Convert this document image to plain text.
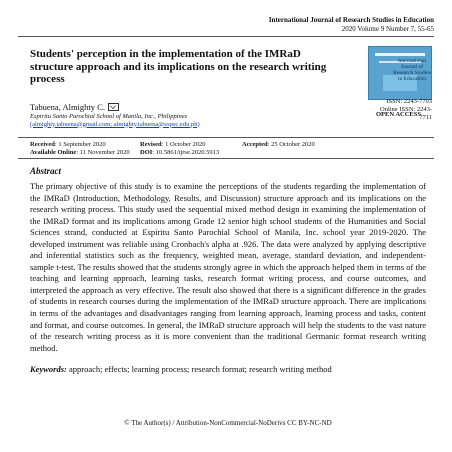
International Journal of Research Studies in Education
2020 Volume 9 Number 7, 55-65
Students' perception in the implementation of the IMRaD structure approach and its implications on the research writing process
International Journal of Research Studies in Education
ISSN: 2243-7703
Online ISSN: 2243-7711
Tabuena, Almighty C.
Espiritu Santo Parochial School of Manila, Inc., Philippines
(almighty.tabuena@gmail.com; almighty.tabuena@espsc.edu.ph)
OPEN ACCESS
Received: 1 September 2020	Revised: 1 October 2020	Accepted: 25 October 2020
Available Online: 11 November 2020 DOI: 10.5861/ijrse.2020.5913
Abstract
The primary objective of this study is to examine the perceptions of the students regarding the implementation of the IMRaD (Introduction, Methodology, Results, and Discussion) structure approach and its implications on the research writing process. This study used the sequential mixed method design in examining the implementation of the IMRaD format and its implications among Grade 12 senior high school students of the Humanities and Social Sciences strand, conducted at Espiritu Santo Parochial School of Manila, Inc. school year 2019-2020. The developed instrument was reliable using Cronbach's alpha at .926. The data were analyzed by applying descriptive and inferential statistics such as the frequency, weighted mean, average, standard deviation, and independent-sample t-test. The results showed that the students strongly agree in which the approach helped them in terms of the teaching and learning approach, learning tasks, research format writing process, and course outcomes, and interpreted the approach as very effective. The result also showed that there is a significant difference in the grades of students in research courses during the implementation of the IMRaD structure approach. There are implications in terms of the advantages and disadvantages ranging from learning approach, learning process and tasks, content and format, and course outcomes. In general, the IMRaD structure approach will help the students to the vast nature of the research writing process as it is more convenient than the traditional Germanic format research writing method.
Keywords: approach; effects; learning process; research format; research writing method
© The Author(s) / Attribution-NonCommercial-NoDerivs CC BY-NC-ND
